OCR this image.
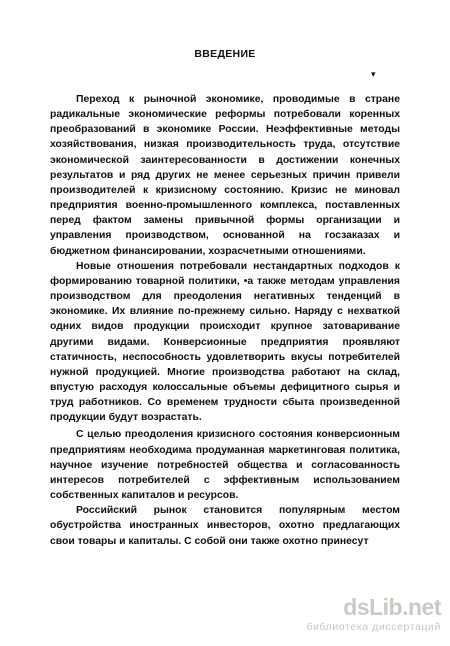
ВВЕДЕНИЕ
▾

Переход к рыночной экономике, проводимые в стране радикальные экономические реформы потребовали коренных преобразований в экономике России. Неэффективные методы хозяйствования, низкая производительность труда, отсутствие экономической заинтересованности в достижении конечных результатов и ряд других не менее серьезных причин привели производителей к кризисному состоянию. Кризис не миновал предприятия военно-промышленного комплекса, поставленных перед фактом замены привычной формы организации и управления производством, основанной на госзаказах и бюджетном финансировании, хозрасчетными отношениями.

Новые отношения потребовали нестандартных подходов к формированию товарной политики, •а также методам управления производством для преодоления негативных тенденций в экономике. Их влияние по-прежнему сильно. Наряду с нехваткой одних видов продукции происходит крупное затоваривание другими видами. Конверсионные предприятия проявляют статичность, неспособность удовлетворить вкусы потребителей нужной продукцией. Многие производства работают на склад, впустую расходуя колоссальные объемы дефицитного сырья и труд работников. Со временем трудности сбыта произведенной продукции будут возрастать.

С целью преодоления кризисного состояния конверсионным предприятиям необходима продуманная маркетинговая политика, научное изучение потребностей общества и согласованность интересов потребителей с эффективным использованием собственных капиталов и ресурсов.

Российский рынок становится популярным местом обустройства иностранных инвесторов, охотно предлагающих свои товары и капиталы. С собой они также охотно принесут

dsLib.net
библиотека диссертаций
